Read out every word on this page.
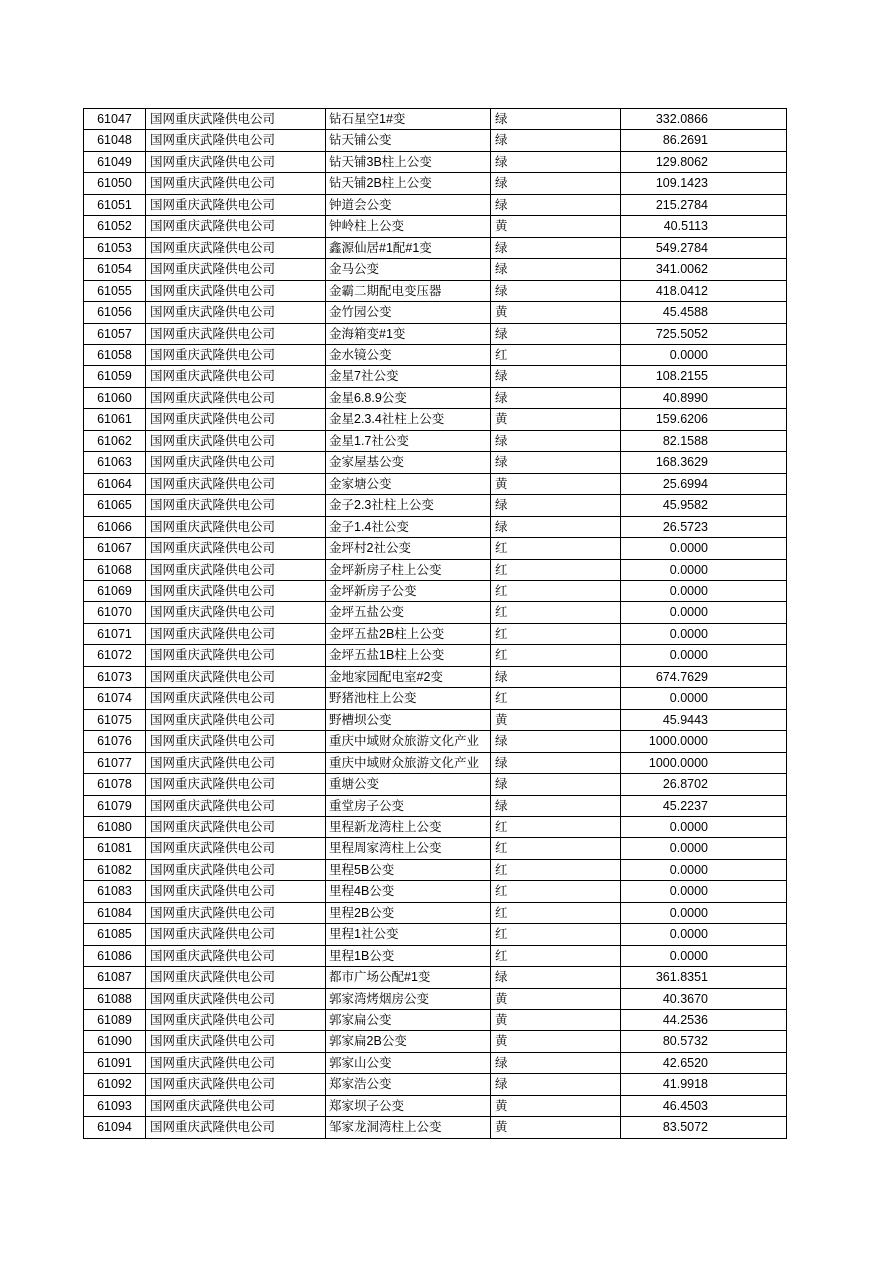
61047	国网重庆武隆供电公司	钻石星空1#变	绿	332.0866
61048	国网重庆武隆供电公司	钻天铺公变	绿	86.2691
61049	国网重庆武隆供电公司	钻天铺3B柱上公变	绿	129.8062
61050	国网重庆武隆供电公司	钻天铺2B柱上公变	绿	109.1423
61051	国网重庆武隆供电公司	钟道会公变	绿	215.2784
61052	国网重庆武隆供电公司	钟岭柱上公变	黄	40.5113
61053	国网重庆武隆供电公司	鑫源仙居#1配#1变	绿	549.2784
61054	国网重庆武隆供电公司	金马公变	绿	341.0062
61055	国网重庆武隆供电公司	金霸二期配电变压器	绿	418.0412
61056	国网重庆武隆供电公司	金竹园公变	黄	45.4588
61057	国网重庆武隆供电公司	金海箱变#1变	绿	725.5052
61058	国网重庆武隆供电公司	金水镜公变	红	0.0000
61059	国网重庆武隆供电公司	金星7社公变	绿	108.2155
61060	国网重庆武隆供电公司	金星6.8.9公变	绿	40.8990
61061	国网重庆武隆供电公司	金星2.3.4社柱上公变	黄	159.6206
61062	国网重庆武隆供电公司	金星1.7社公变	绿	82.1588
61063	国网重庆武隆供电公司	金家屋基公变	绿	168.3629
61064	国网重庆武隆供电公司	金家塘公变	黄	25.6994
61065	国网重庆武隆供电公司	金子2.3社柱上公变	绿	45.9582
61066	国网重庆武隆供电公司	金子1.4社公变	绿	26.5723
61067	国网重庆武隆供电公司	金坪村2社公变	红	0.0000
61068	国网重庆武隆供电公司	金坪新房子柱上公变	红	0.0000
61069	国网重庆武隆供电公司	金坪新房子公变	红	0.0000
61070	国网重庆武隆供电公司	金坪五盐公变	红	0.0000
61071	国网重庆武隆供电公司	金坪五盐2B柱上公变	红	0.0000
61072	国网重庆武隆供电公司	金坪五盐1B柱上公变	红	0.0000
61073	国网重庆武隆供电公司	金地家园配电室#2变	绿	674.7629
61074	国网重庆武隆供电公司	野猪池柱上公变	红	0.0000
61075	国网重庆武隆供电公司	野槽坝公变	黄	45.9443
61076	国网重庆武隆供电公司	重庆中域财众旅游文化产业	绿	1000.0000
61077	国网重庆武隆供电公司	重庆中域财众旅游文化产业	绿	1000.0000
61078	国网重庆武隆供电公司	重塘公变	绿	26.8702
61079	国网重庆武隆供电公司	重堂房子公变	绿	45.2237
61080	国网重庆武隆供电公司	里程新龙湾柱上公变	红	0.0000
61081	国网重庆武隆供电公司	里程周家湾柱上公变	红	0.0000
61082	国网重庆武隆供电公司	里程5B公变	红	0.0000
61083	国网重庆武隆供电公司	里程4B公变	红	0.0000
61084	国网重庆武隆供电公司	里程2B公变	红	0.0000
61085	国网重庆武隆供电公司	里程1社公变	红	0.0000
61086	国网重庆武隆供电公司	里程1B公变	红	0.0000
61087	国网重庆武隆供电公司	都市广场公配#1变	绿	361.8351
61088	国网重庆武隆供电公司	郭家湾烤烟房公变	黄	40.3670
61089	国网重庆武隆供电公司	郭家扁公变	黄	44.2536
61090	国网重庆武隆供电公司	郭家扁2B公变	黄	80.5732
61091	国网重庆武隆供电公司	郭家山公变	绿	42.6520
61092	国网重庆武隆供电公司	郑家浩公变	绿	41.9918
61093	国网重庆武隆供电公司	郑家坝子公变	黄	46.4503
61094	国网重庆武隆供电公司	邹家龙洞湾柱上公变	黄	83.5072
